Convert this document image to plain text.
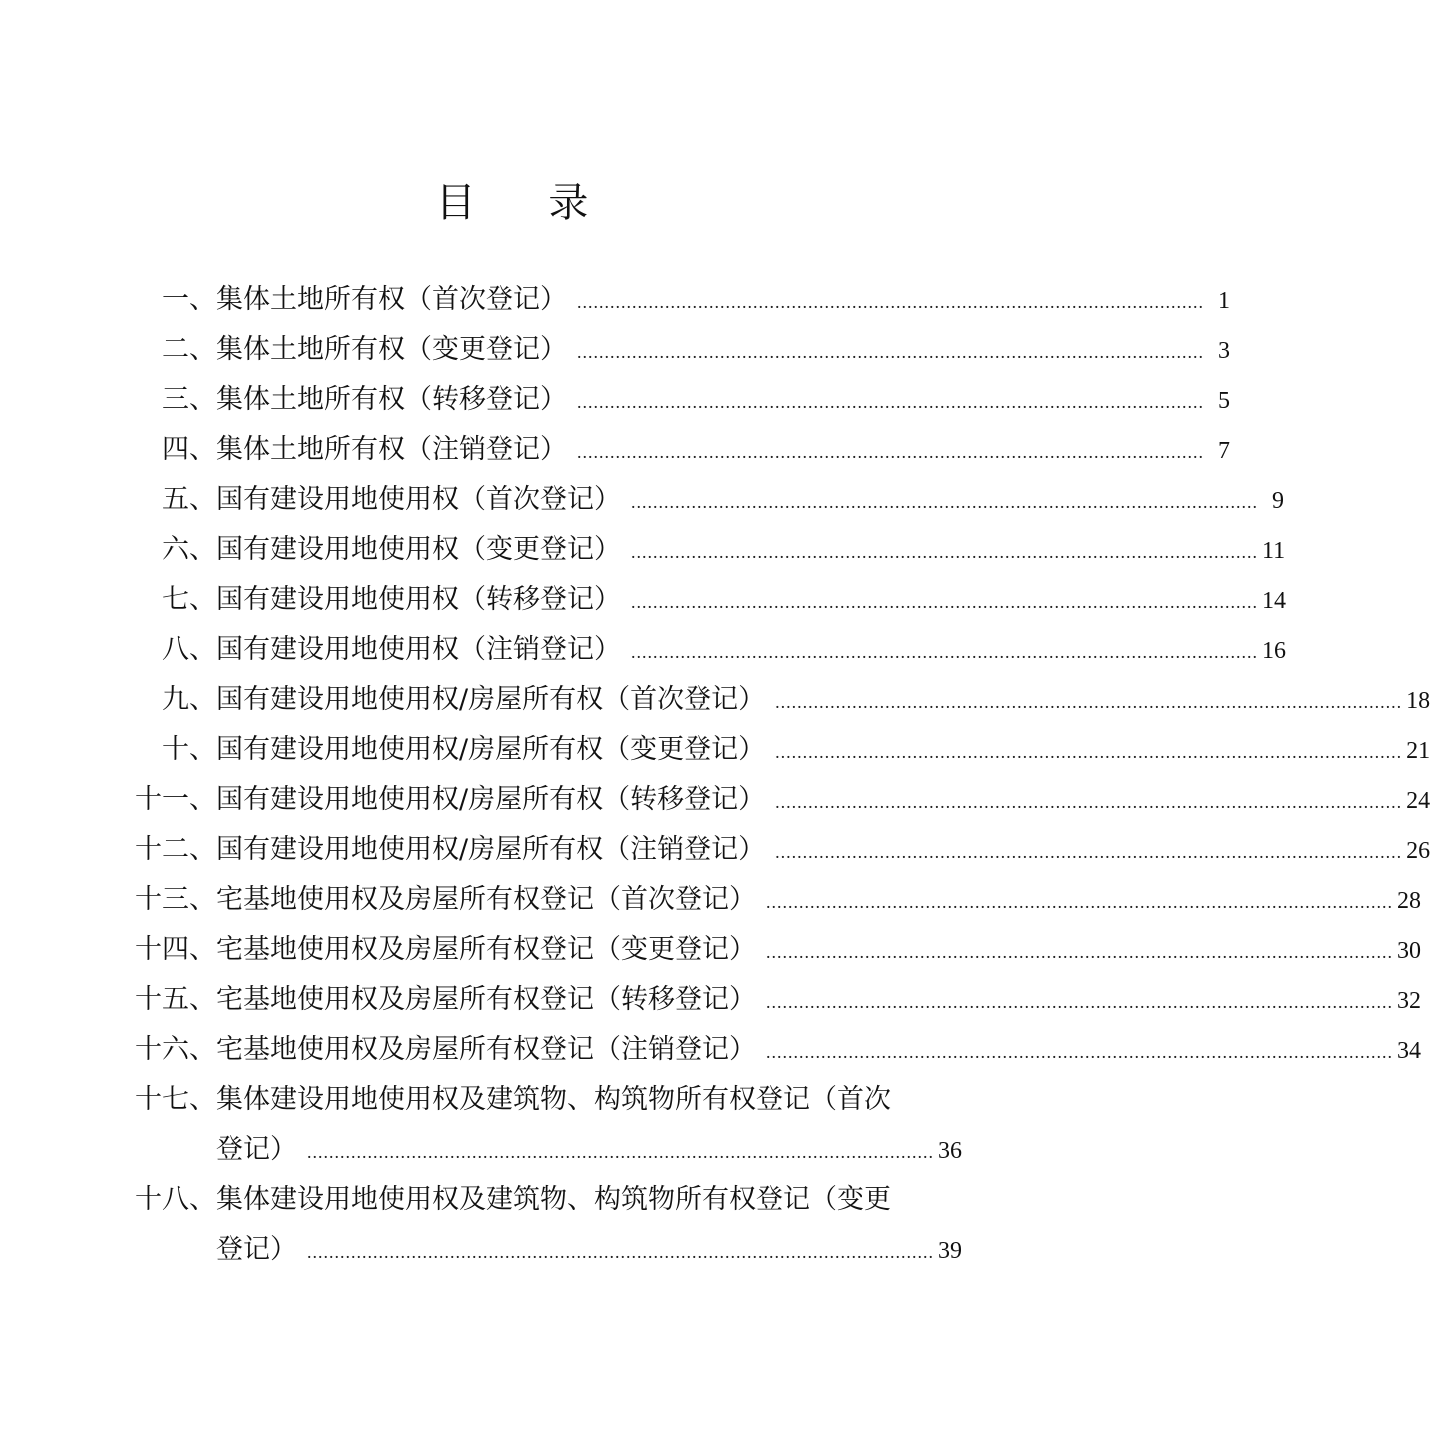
目 录
一、 集体土地所有权（首次登记） .................................................................................................................. 1
二、 集体土地所有权（变更登记） .................................................................................................................. 3
三、 集体土地所有权（转移登记） .................................................................................................................. 5
四、 集体土地所有权（注销登记） .................................................................................................................. 7
五、 国有建设用地使用权（首次登记） .................................................................................................................. 9
六、 国有建设用地使用权（变更登记） .................................................................................................................. 11
七、 国有建设用地使用权（转移登记） .................................................................................................................. 14
八、 国有建设用地使用权（注销登记） .................................................................................................................. 16
九、 国有建设用地使用权/房屋所有权（首次登记） .................................................................................................................. 18
十、 国有建设用地使用权/房屋所有权（变更登记） .................................................................................................................. 21
十一、 国有建设用地使用权/房屋所有权（转移登记） .................................................................................................................. 24
十二、 国有建设用地使用权/房屋所有权（注销登记） .................................................................................................................. 26
十三、 宅基地使用权及房屋所有权登记（首次登记） .................................................................................................................. 28
十四、 宅基地使用权及房屋所有权登记（变更登记） .................................................................................................................. 30
十五、 宅基地使用权及房屋所有权登记（转移登记） .................................................................................................................. 32
十六、 宅基地使用权及房屋所有权登记（注销登记） .................................................................................................................. 34
十七、 集体建设用地使用权及建筑物、构筑物所有权登记（首次
登记） .................................................................................................................. 36
十八、 集体建设用地使用权及建筑物、构筑物所有权登记（变更
登记） .................................................................................................................. 39
